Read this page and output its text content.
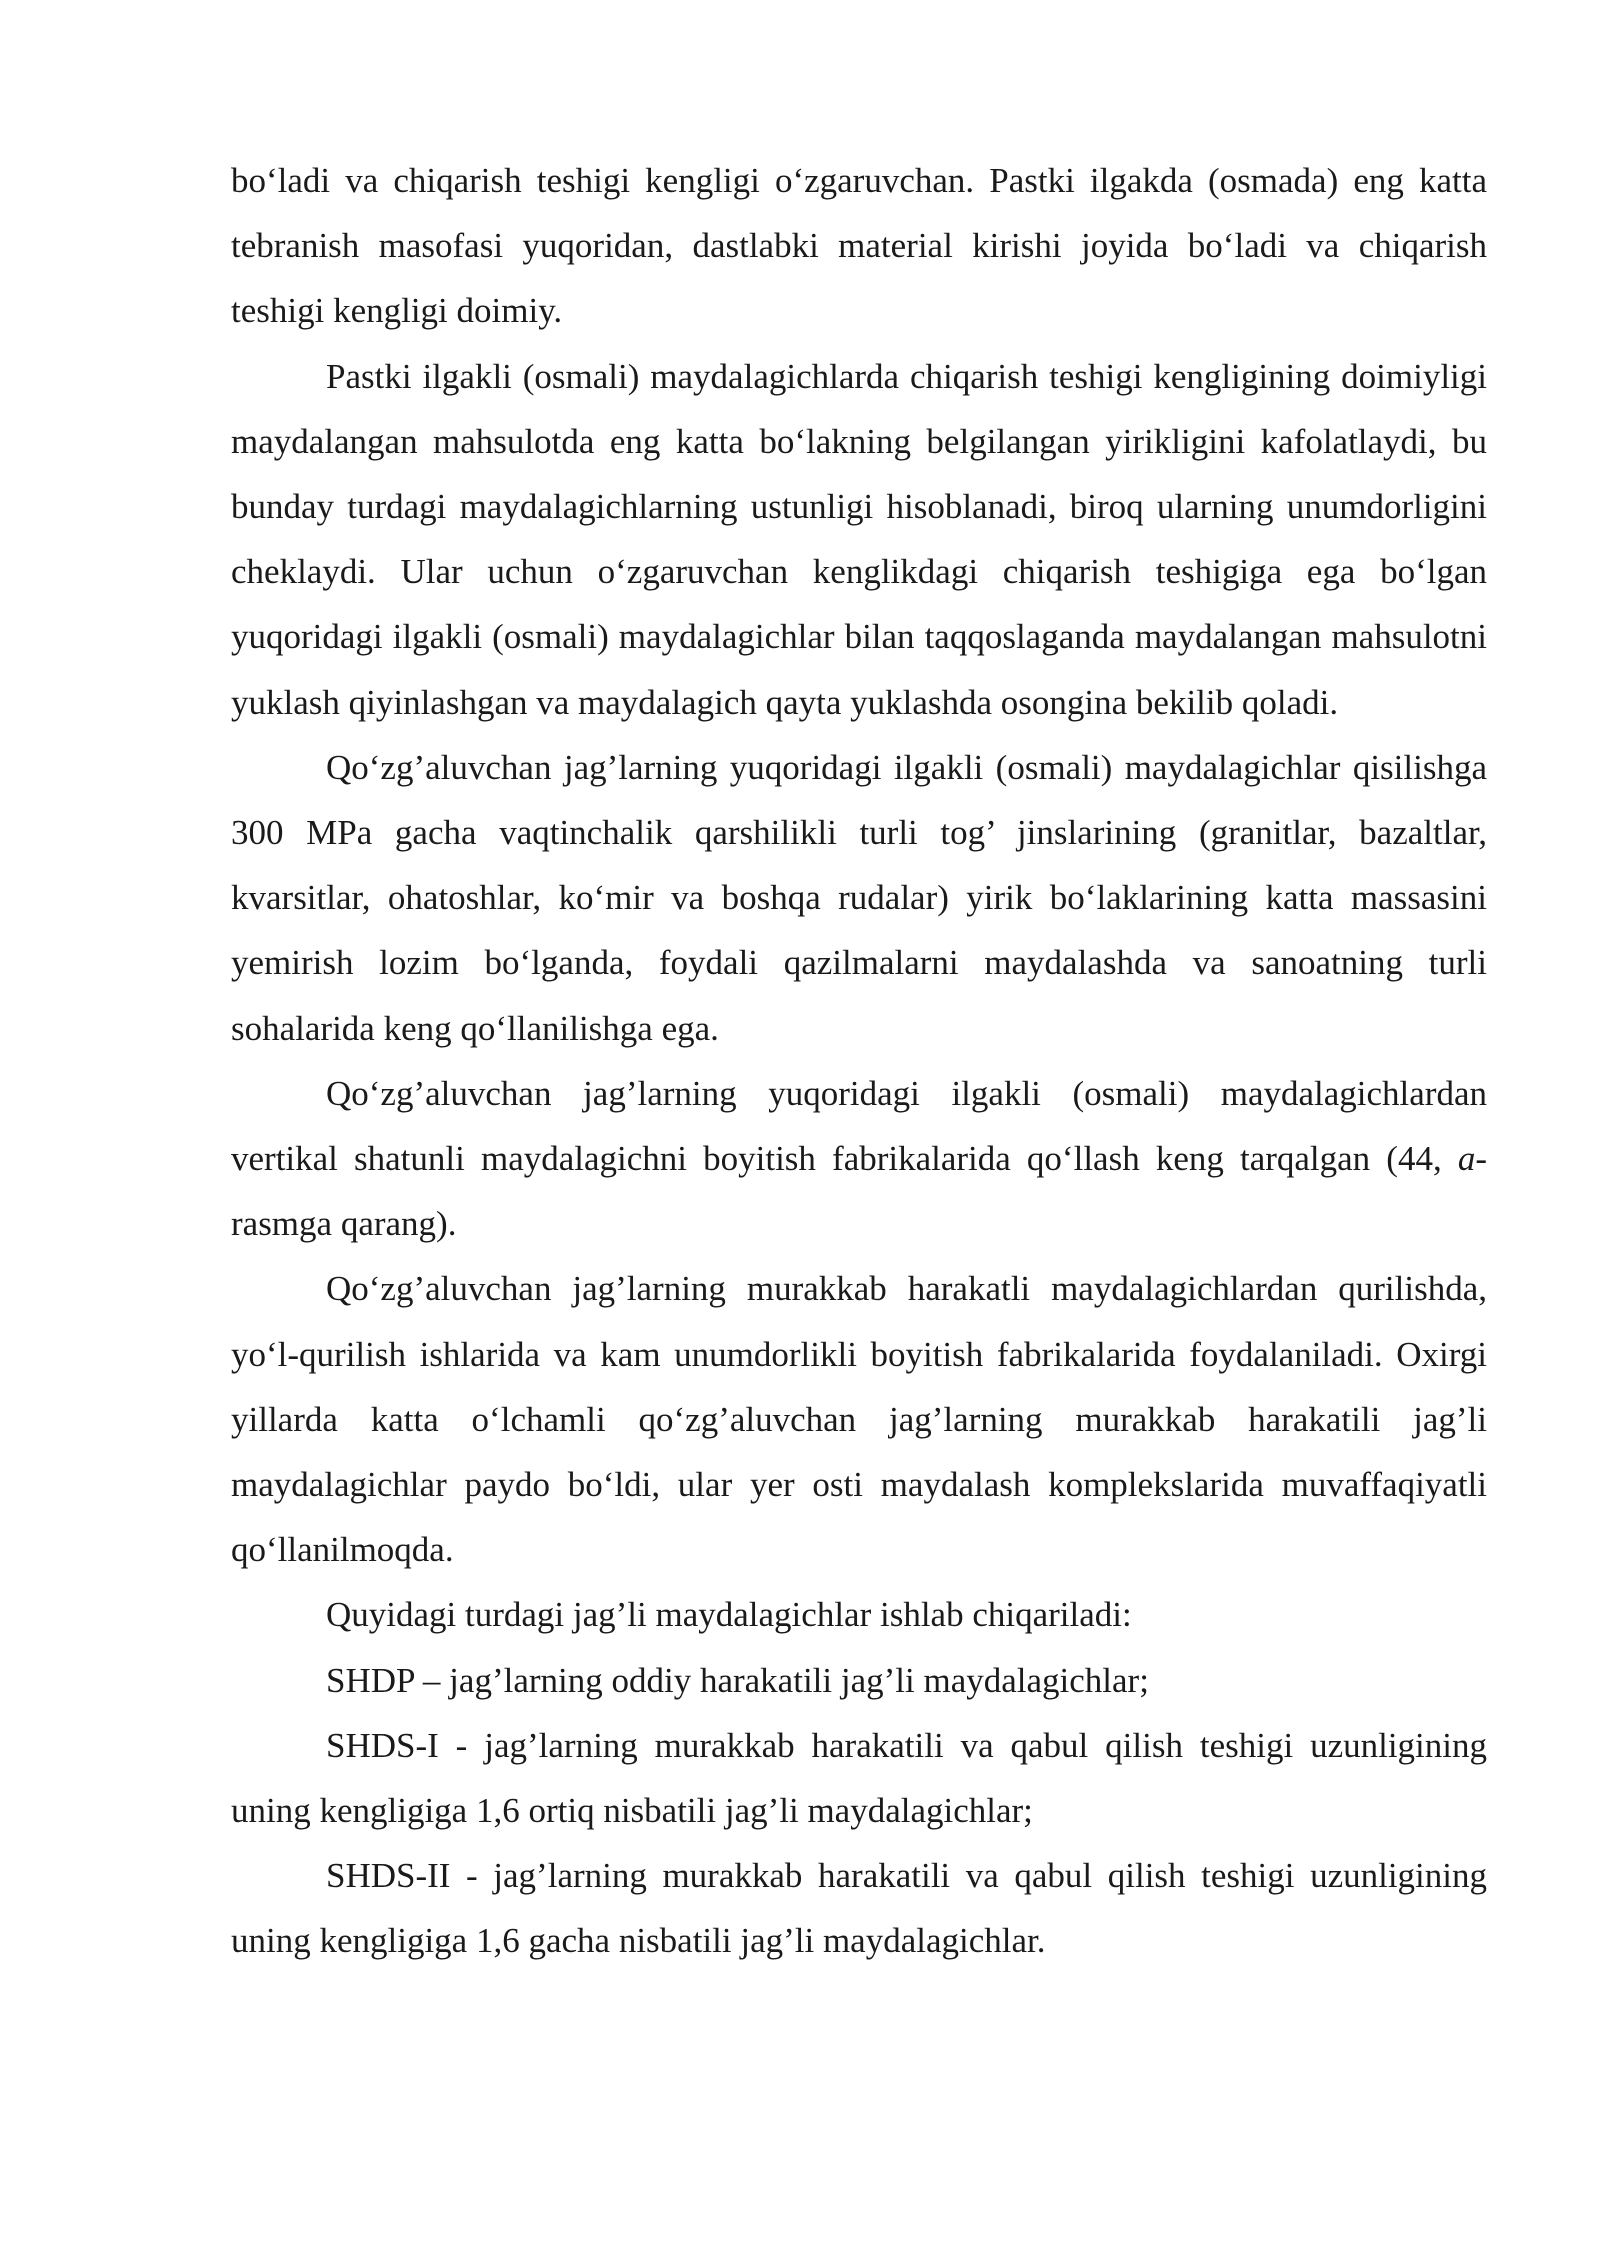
bo‘ladi va chiqarish teshigi kengligi o‘zgaruvchan. Pastki ilgakda (osmada) eng katta tebranish masofasi yuqoridan, dastlabki material kirishi joyida bo‘ladi va chiqarish teshigi kengligi doimiy.

Pastki ilgakli (osmali) maydalagichlarda chiqarish teshigi kengligining doimiyligi maydalangan mahsulotda eng katta bo‘lakning belgilangan yirikligini kafolatlaydi, bu bunday turdagi maydalagichlarning ustunligi hisoblanadi, biroq ularning unumdorligini cheklaydi. Ular uchun o‘zgaruvchan kenglikdagi chiqarish teshigiga ega bo‘lgan yuqoridagi ilgakli (osmali) maydalagichlar bilan taqqoslaganda maydalangan mahsulotni yuklash qiyinlashgan va maydalagich qayta yuklashda osongina bekilib qoladi.

Qo‘zg’aluvchan jag’larning yuqoridagi ilgakli (osmali) maydalagichlar qisilishga 300 MPa gacha vaqtinchalik qarshilikli turli tog’ jinslarining (granitlar, bazaltlar, kvarsitlar, ohatoshlar, ko‘mir va boshqa rudalar) yirik bo‘laklarining katta massasini yemirish lozim bo‘lganda, foydali qazilmalarni maydalashda va sanoatning turli sohalarida keng qo‘llanilishga ega.

Qo‘zg’aluvchan jag’larning yuqoridagi ilgakli (osmali) maydalagichlardan vertikal shatunli maydalagichni boyitish fabrikalarida qo‘llash keng tarqalgan (44, a-rasmga qarang).

Qo‘zg’aluvchan jag’larning murakkab harakatli maydalagichlardan qurilishda, yo‘l-qurilish ishlarida va kam unumdorlikli boyitish fabrikalarida foydalaniladi. Oxirgi yillarda katta o‘lchamli qo‘zg’aluvchan jag’larning murakkab harakatili jag’li maydalagichlar paydo bo‘ldi, ular yer osti maydalash komplekslarida muvaffaqiyatli qo‘llanilmoqda.

Quyidagi turdagi jag’li maydalagichlar ishlab chiqariladi:

SHDP – jag’larning oddiy harakatili jag’li maydalagichlar;

SHDS-I - jag’larning murakkab harakatili va qabul qilish teshigi uzunligining uning kengligiga 1,6 ortiq nisbatili jag’li maydalagichlar;

SHDS-II - jag’larning murakkab harakatili va qabul qilish teshigi uzunligining uning kengligiga 1,6 gacha nisbatili jag’li maydalagichlar.
